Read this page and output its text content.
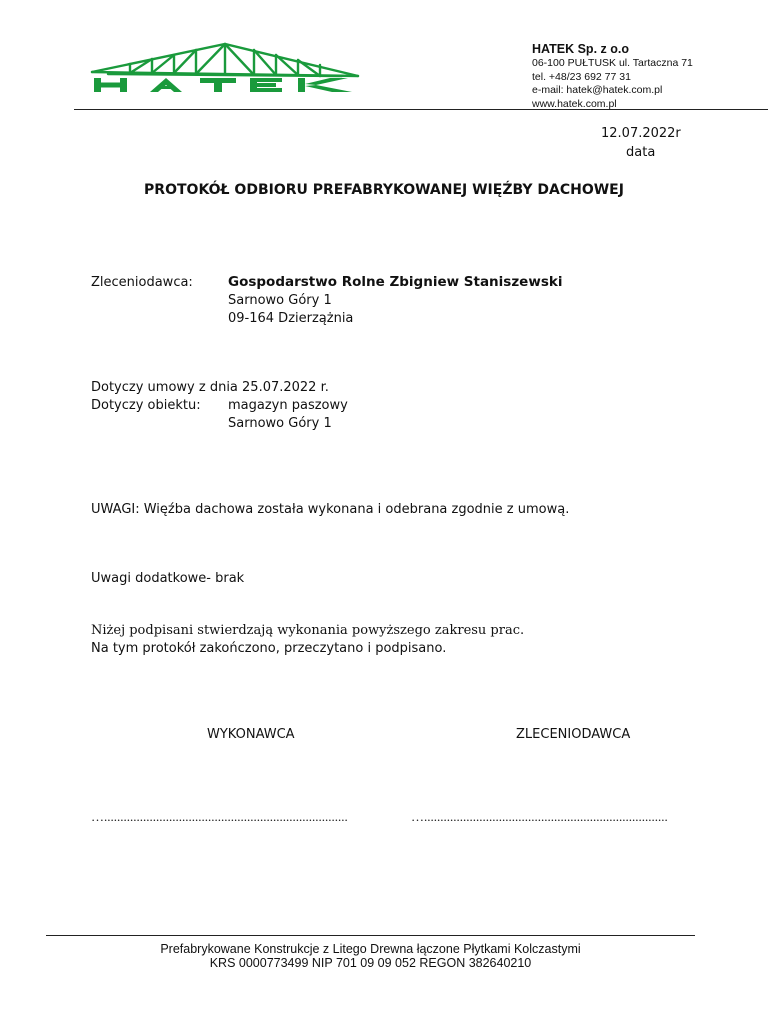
HATEK Sp. z o.o
06-100 PUŁTUSK ul. Tartaczna 71
tel. +48/23 692 77 31
e-mail: hatek@hatek.com.pl
www.hatek.com.pl
12.07.2022r
data
PROTOKÓŁ ODBIORU PREFABRYKOWANEJ WIĘŹBY DACHOWEJ
Zleceniodawca:	Gospodarstwo Rolne Zbigniew Staniszewski
Sarnowo Góry 1
09-164 Dzierzążnia
Dotyczy umowy z dnia 25.07.2022 r.
Dotyczy obiektu: magazyn paszowy
Sarnowo Góry 1
UWAGI: Więźba dachowa została wykonana i odebrana zgodnie z umową.
Uwagi dodatkowe- brak
Niżej podpisani stwierdzają wykonania powyższego zakresu prac.
Na tym protokół zakończono, przeczytano i podpisano.
WYKONAWCA	ZLECENIODAWCA
…...........................................................................	…...........................................................................
Prefabrykowane Konstrukcje z Litego Drewna łączone Płytkami Kolczastymi
KRS 0000773499 NIP 701 09 09 052 REGON 382640210
